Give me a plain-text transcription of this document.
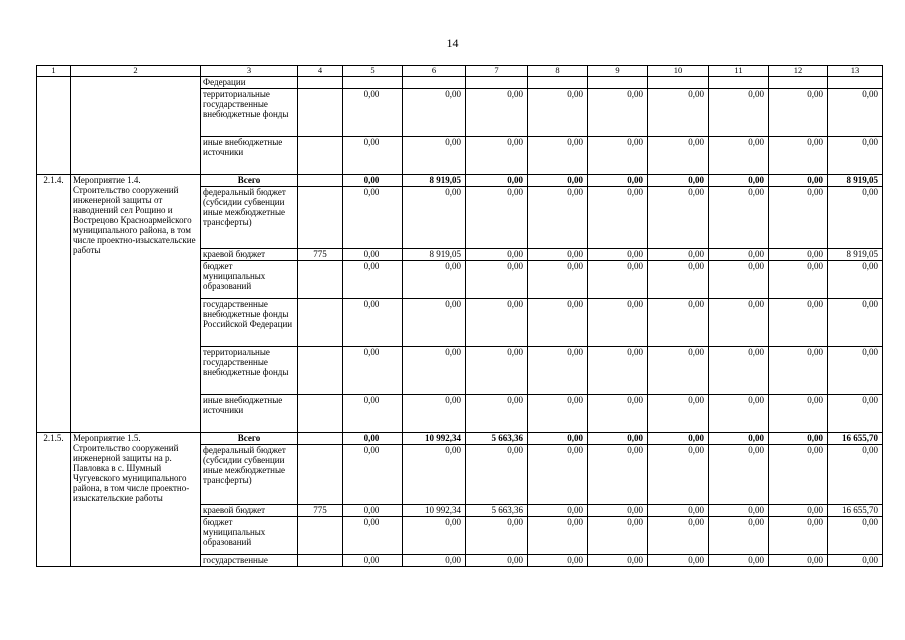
14
1	2	3	4	5	6	7	8	9	10	11	12	13
		Федерации										
		территориальные государственные внебюджетные фонды		0,00	0,00	0,00	0,00	0,00	0,00	0,00	0,00	0,00
		иные внебюджетные источники		0,00	0,00	0,00	0,00	0,00	0,00	0,00	0,00	0,00
2.1.4.	Мероприятие 1.4. Строительство сооружений инженерной защиты от наводнений сел Рощино и Вострецово Красноармейского муниципального района, в том числе проектно-изыскательские работы	Всего		0,00	8 919,05	0,00	0,00	0,00	0,00	0,00	0,00	8 919,05
		федеральный бюджет (субсидии субвенции иные межбюджетные трансферты)		0,00	0,00	0,00	0,00	0,00	0,00	0,00	0,00	0,00
		краевой бюджет	775	0,00	8 919,05	0,00	0,00	0,00	0,00	0,00	0,00	8 919,05
		бюджет муниципальных образований		0,00	0,00	0,00	0,00	0,00	0,00	0,00	0,00	0,00
		государственные внебюджетные фонды Российской Федерации		0,00	0,00	0,00	0,00	0,00	0,00	0,00	0,00	0,00
		территориальные государственные внебюджетные фонды		0,00	0,00	0,00	0,00	0,00	0,00	0,00	0,00	0,00
		иные внебюджетные источники		0,00	0,00	0,00	0,00	0,00	0,00	0,00	0,00	0,00
2.1.5.	Мероприятие 1.5. Строительство сооружений инженерной защиты на р. Павловка в с. Шумный Чугуевского муниципального района, в том числе проектно-изыскательские работы	Всего		0,00	10 992,34	5 663,36	0,00	0,00	0,00	0,00	0,00	16 655,70
		федеральный бюджет (субсидии субвенции иные межбюджетные трансферты)		0,00	0,00	0,00	0,00	0,00	0,00	0,00	0,00	0,00
		краевой бюджет	775	0,00	10 992,34	5 663,36	0,00	0,00	0,00	0,00	0,00	16 655,70
		бюджет муниципальных образований		0,00	0,00	0,00	0,00	0,00	0,00	0,00	0,00	0,00
		государственные		0,00	0,00	0,00	0,00	0,00	0,00	0,00	0,00	0,00
